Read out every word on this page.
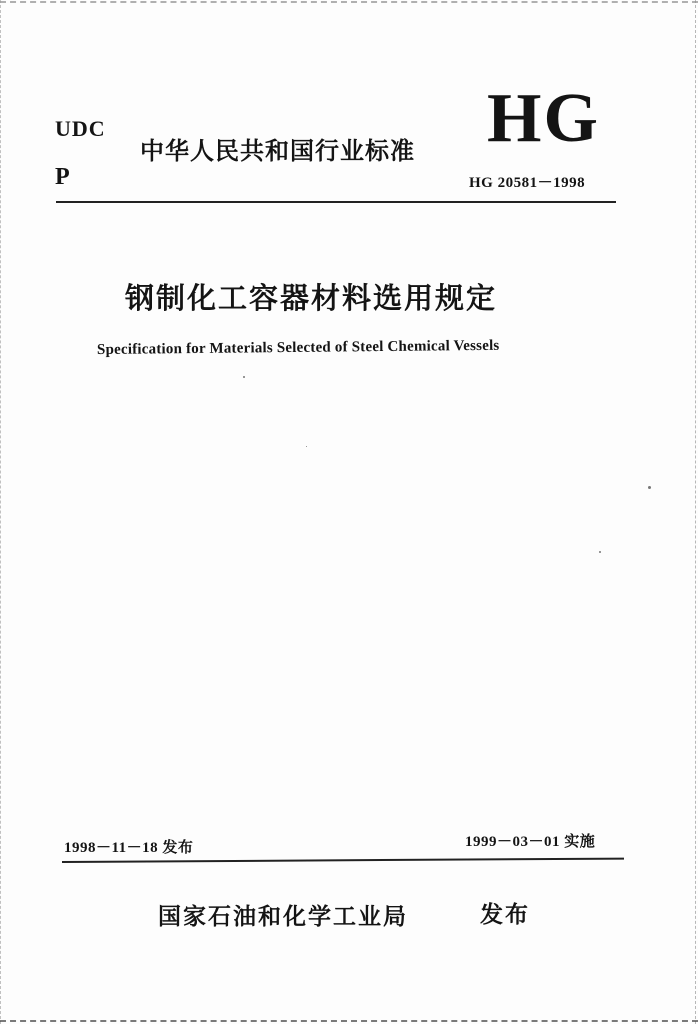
UDC
P
中华人民共和国行业标准 HG
HG 20581－1998
钢制化工容器材料选用规定
Specification for Materials Selected of Steel Chemical Vessels
1998－11－18 发布	1999－03－01 实施
国家石油和化学工业局	发布
